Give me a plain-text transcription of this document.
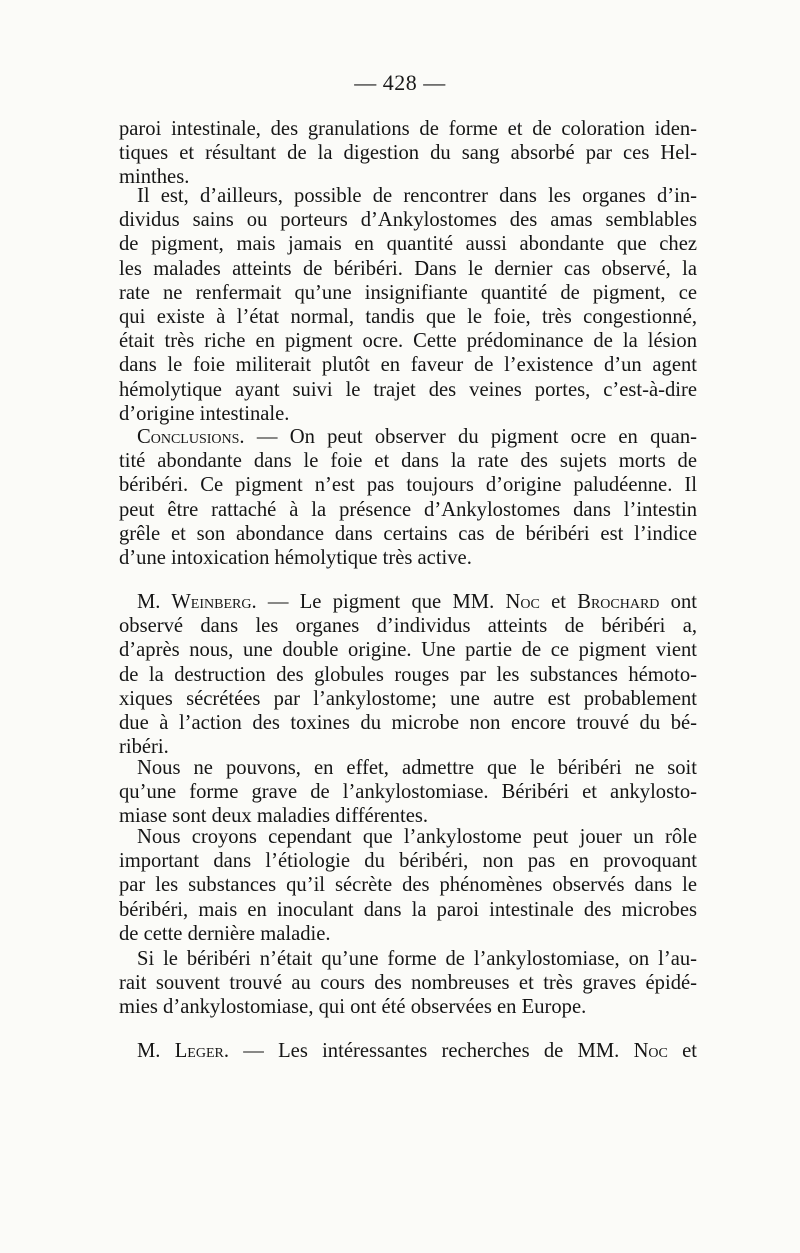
— 428 —
paroi intestinale, des granulations de forme et de coloration iden-
tiques et résultant de la digestion du sang absorbé par ces Hel-
minthes.
Il est, d’ailleurs, possible de rencontrer dans les organes d’in-
dividus sains ou porteurs d’Ankylostomes des amas semblables
de pigment, mais jamais en quantité aussi abondante que chez
les malades atteints de béribéri. Dans le dernier cas observé, la
rate ne renfermait qu’une insignifiante quantité de pigment, ce
qui existe à l’état normal, tandis que le foie, très congestionné,
était très riche en pigment ocre. Cette prédominance de la lésion
dans le foie militerait plutôt en faveur de l’existence d’un agent
hémolytique ayant suivi le trajet des veines portes, c’est-à-dire
d’origine intestinale.
Conclusions. — On peut observer du pigment ocre en quan-
tité abondante dans le foie et dans la rate des sujets morts de
béribéri. Ce pigment n’est pas toujours d’origine paludéenne. Il
peut être rattaché à la présence d’Ankylostomes dans l’intestin
grêle et son abondance dans certains cas de béribéri est l’indice
d’une intoxication hémolytique très active.
M. Weinberg. — Le pigment que MM. Noc et Brochard ont
observé dans les organes d’individus atteints de béribéri a,
d’après nous, une double origine. Une partie de ce pigment vient
de la destruction des globules rouges par les substances hémoto-
xiques sécrétées par l’ankylostome; une autre est probablement
due à l’action des toxines du microbe non encore trouvé du bé-
ribéri.
Nous ne pouvons, en effet, admettre que le béribéri ne soit
qu’une forme grave de l’ankylostomiase. Béribéri et ankylosto-
miase sont deux maladies différentes.
Nous croyons cependant que l’ankylostome peut jouer un rôle
important dans l’étiologie du béribéri, non pas en provoquant
par les substances qu’il sécrète des phénomènes observés dans le
béribéri, mais en inoculant dans la paroi intestinale des microbes
de cette dernière maladie.
Si le béribéri n’était qu’une forme de l’ankylostomiase, on l’au-
rait souvent trouvé au cours des nombreuses et très graves épidé-
mies d’ankylostomiase, qui ont été observées en Europe.
M. Leger. — Les intéressantes recherches de MM. Noc et
